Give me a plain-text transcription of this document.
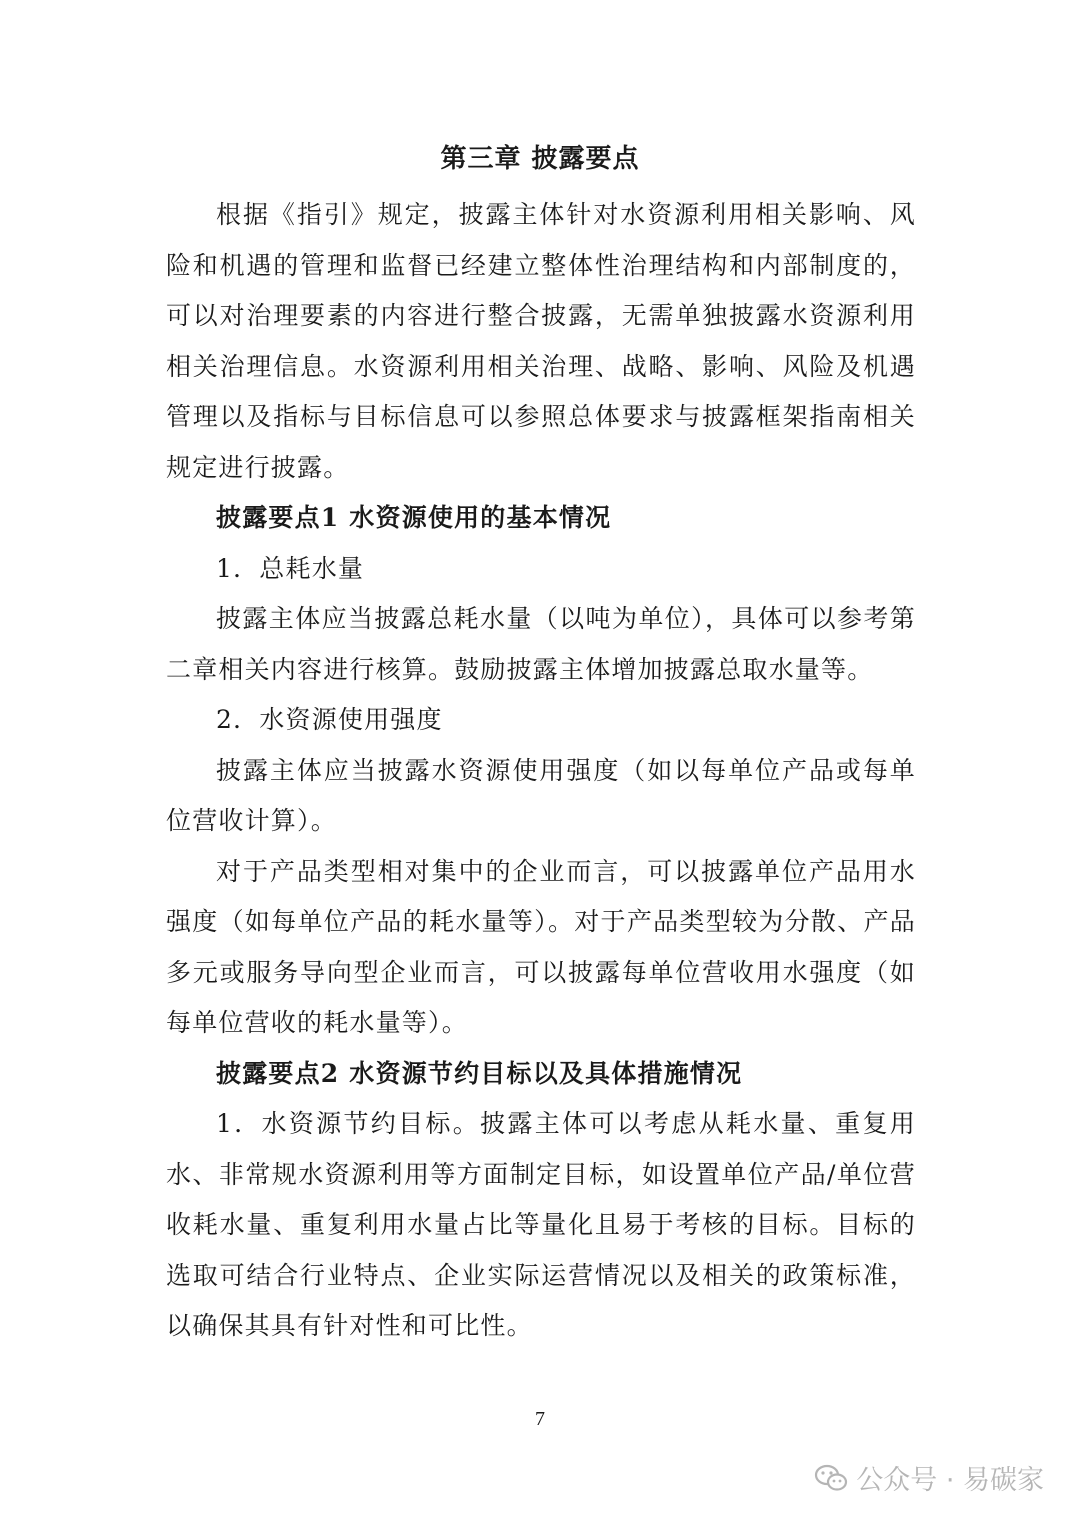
第三章 披露要点

根据《指引》规定，披露主体针对水资源利用相关影响、风险和机遇的管理和监督已经建立整体性治理结构和内部制度的，可以对治理要素的内容进行整合披露，无需单独披露水资源利用相关治理信息。水资源利用相关治理、战略、影响、风险及机遇管理以及指标与目标信息可以参照总体要求与披露框架指南相关规定进行披露。

披露要点1 水资源使用的基本情况

1．总耗水量

披露主体应当披露总耗水量（以吨为单位），具体可以参考第二章相关内容进行核算。鼓励披露主体增加披露总取水量等。

2．水资源使用强度

披露主体应当披露水资源使用强度（如以每单位产品或每单位营收计算）。

对于产品类型相对集中的企业而言，可以披露单位产品用水强度（如每单位产品的耗水量等）。对于产品类型较为分散、产品多元或服务导向型企业而言，可以披露每单位营收用水强度（如每单位营收的耗水量等）。

披露要点2 水资源节约目标以及具体措施情况

1．水资源节约目标。披露主体可以考虑从耗水量、重复用水、非常规水资源利用等方面制定目标，如设置单位产品/单位营收耗水量、重复利用水量占比等量化且易于考核的目标。目标的选取可结合行业特点、企业实际运营情况以及相关的政策标准，以确保其具有针对性和可比性。

7
公众号 · 易碳家
